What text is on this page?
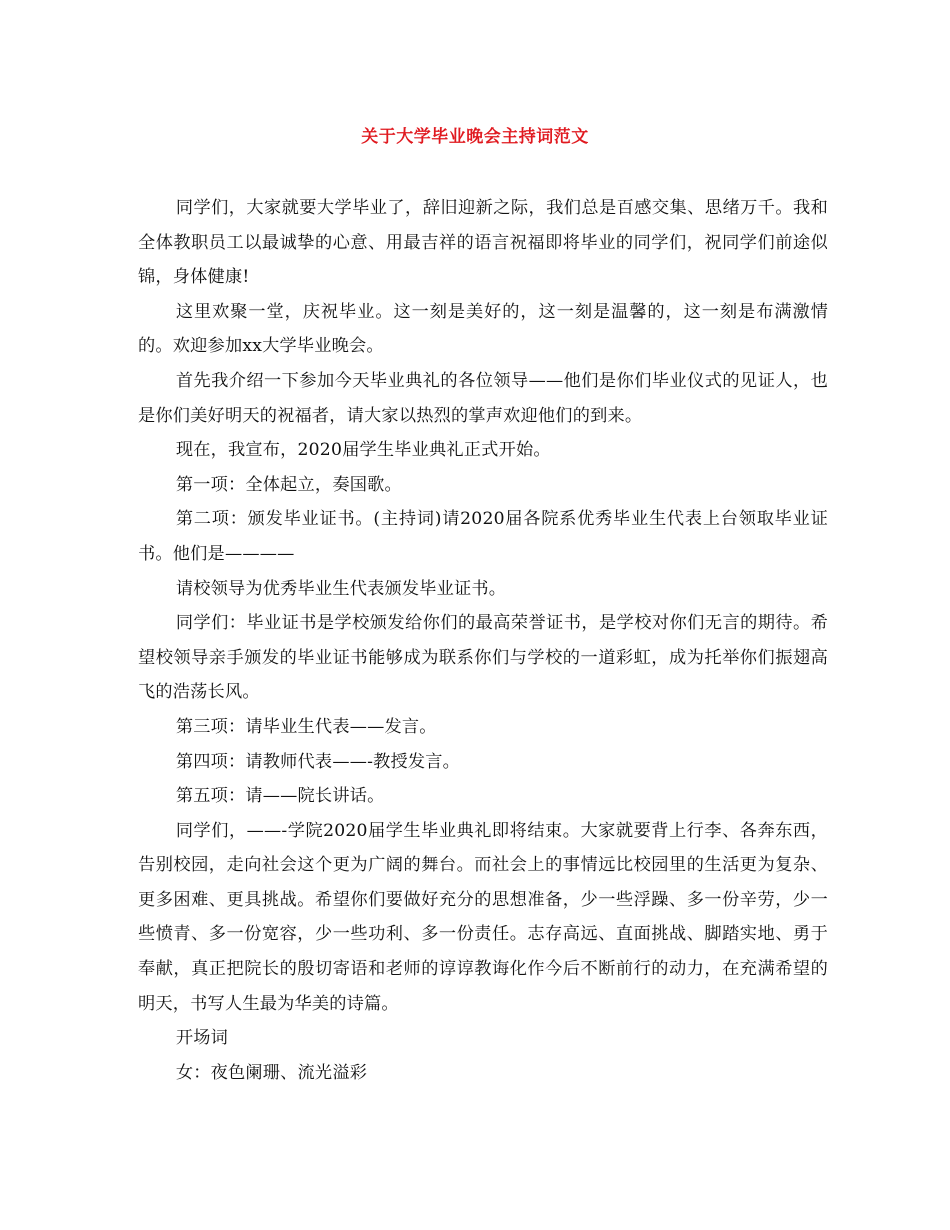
关于大学毕业晚会主持词范文

同学们，大家就要大学毕业了，辞旧迎新之际，我们总是百感交集、思绪万千。我和全体教职员工以最诚挚的心意、用最吉祥的语言祝福即将毕业的同学们，祝同学们前途似锦，身体健康!

这里欢聚一堂，庆祝毕业。这一刻是美好的，这一刻是温馨的，这一刻是布满激情的。欢迎参加xx大学毕业晚会。

首先我介绍一下参加今天毕业典礼的各位领导——他们是你们毕业仪式的见证人，也是你们美好明天的祝福者，请大家以热烈的掌声欢迎他们的到来。

现在，我宣布，2020届学生毕业典礼正式开始。

第一项：全体起立，奏国歌。

第二项：颁发毕业证书。(主持词)请2020届各院系优秀毕业生代表上台领取毕业证书。他们是————

请校领导为优秀毕业生代表颁发毕业证书。

同学们：毕业证书是学校颁发给你们的最高荣誉证书，是学校对你们无言的期待。希望校领导亲手颁发的毕业证书能够成为联系你们与学校的一道彩虹，成为托举你们振翅高飞的浩荡长风。

第三项：请毕业生代表——发言。

第四项：请教师代表——-教授发言。

第五项：请——院长讲话。

同学们，——-学院2020届学生毕业典礼即将结束。大家就要背上行李、各奔东西，告别校园，走向社会这个更为广阔的舞台。而社会上的事情远比校园里的生活更为复杂、更多困难、更具挑战。希望你们要做好充分的思想准备，少一些浮躁、多一份辛劳，少一些愤青、多一份宽容，少一些功利、多一份责任。志存高远、直面挑战、脚踏实地、勇于奉献，真正把院长的殷切寄语和老师的谆谆教诲化作今后不断前行的动力，在充满希望的明天，书写人生最为华美的诗篇。

开场词

女：夜色阑珊、流光溢彩
